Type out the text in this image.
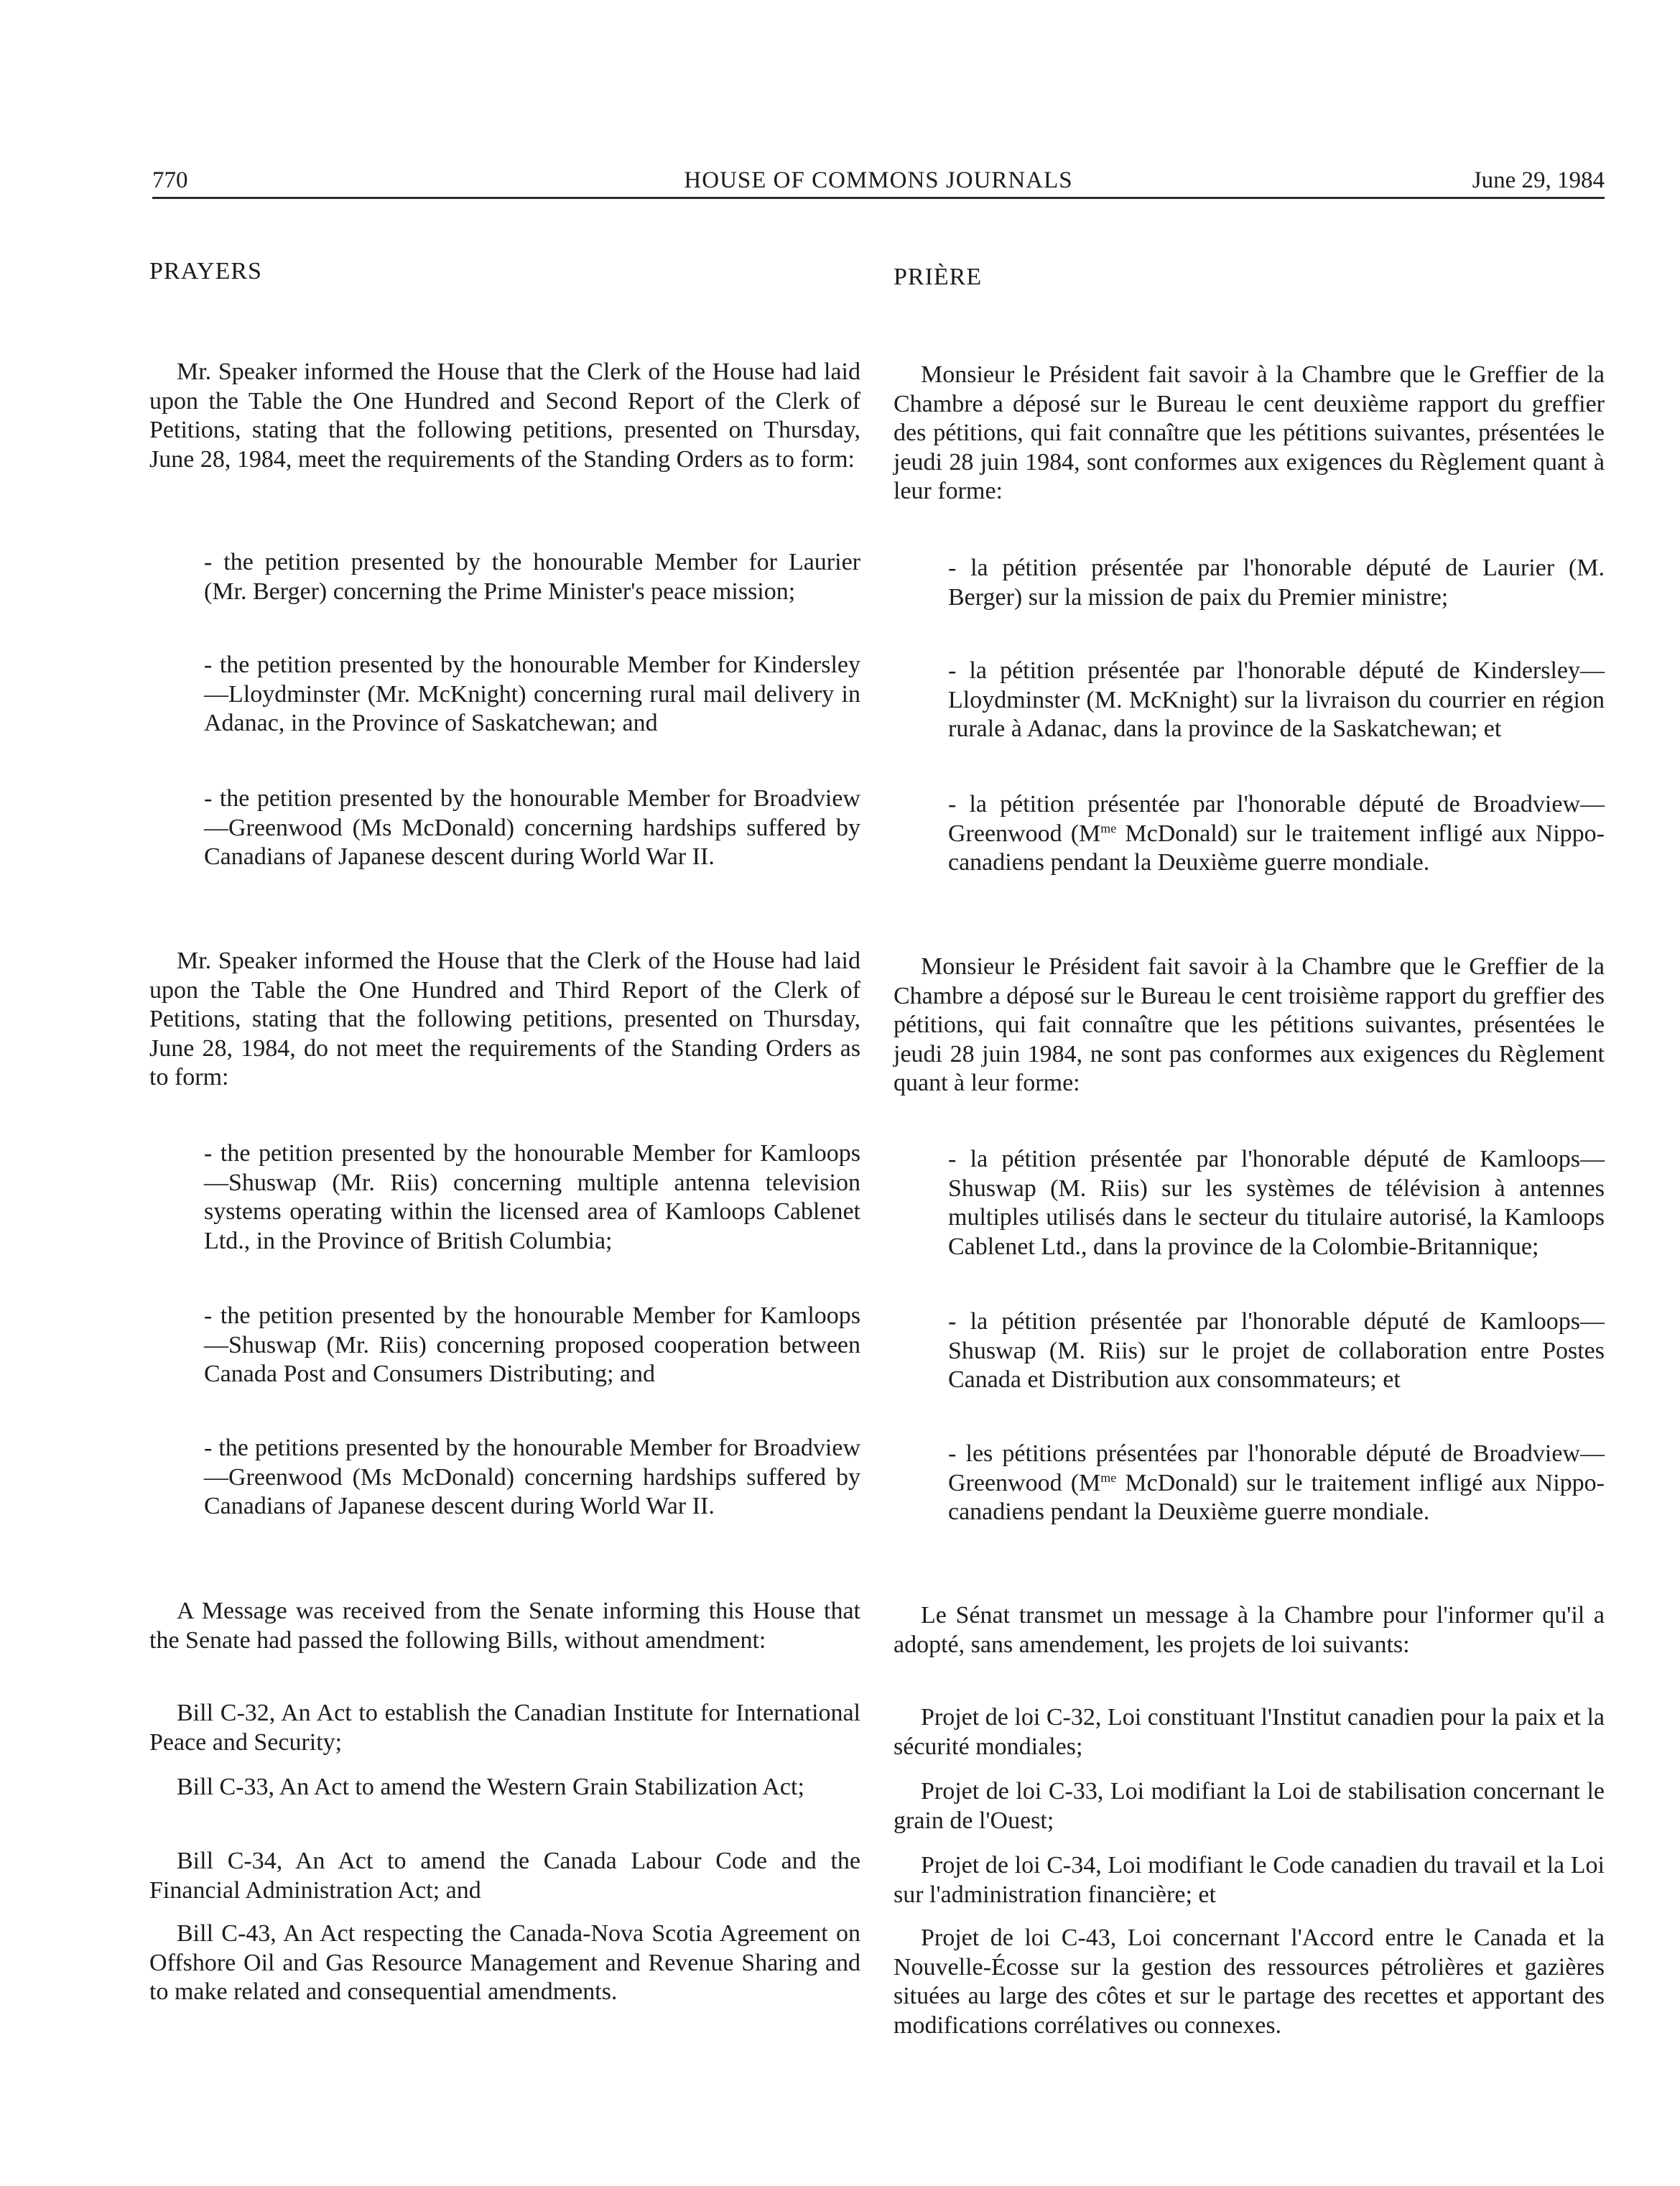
770	HOUSE OF COMMONS JOURNALS	June 29, 1984

PRAYERS

Mr. Speaker informed the House that the Clerk of the House had laid upon the Table the One Hundred and Second Report of the Clerk of Petitions, stating that the following petitions, presented on Thursday, June 28, 1984, meet the requirements of the Standing Orders as to form:

- the petition presented by the honourable Member for Laurier (Mr. Berger) concerning the Prime Minister's peace mission;

- the petition presented by the honourable Member for Kindersley—Lloydminster (Mr. McKnight) concerning rural mail delivery in Adanac, in the Province of Saskatchewan; and

- the petition presented by the honourable Member for Broadview—Greenwood (Ms McDonald) concerning hardships suffered by Canadians of Japanese descent during World War II.

Mr. Speaker informed the House that the Clerk of the House had laid upon the Table the One Hundred and Third Report of the Clerk of Petitions, stating that the following petitions, presented on Thursday, June 28, 1984, do not meet the requirements of the Standing Orders as to form:

- the petition presented by the honourable Member for Kamloops—Shuswap (Mr. Riis) concerning multiple antenna television systems operating within the licensed area of Kamloops Cablenet Ltd., in the Province of British Columbia;

- the petition presented by the honourable Member for Kamloops—Shuswap (Mr. Riis) concerning proposed cooperation between Canada Post and Consumers Distributing; and

- the petitions presented by the honourable Member for Broadview—Greenwood (Ms McDonald) concerning hardships suffered by Canadians of Japanese descent during World War II.

A Message was received from the Senate informing this House that the Senate had passed the following Bills, without amendment:

Bill C-32, An Act to establish the Canadian Institute for International Peace and Security;

Bill C-33, An Act to amend the Western Grain Stabilization Act;

Bill C-34, An Act to amend the Canada Labour Code and the Financial Administration Act; and

Bill C-43, An Act respecting the Canada-Nova Scotia Agreement on Offshore Oil and Gas Resource Management and Revenue Sharing and to make related and consequential amendments.

PRIÈRE

Monsieur le Président fait savoir à la Chambre que le Greffier de la Chambre a déposé sur le Bureau le cent deuxième rapport du greffier des pétitions, qui fait connaître que les pétitions suivantes, présentées le jeudi 28 juin 1984, sont conformes aux exigences du Règlement quant à leur forme:

- la pétition présentée par l'honorable député de Laurier (M. Berger) sur la mission de paix du Premier ministre;

- la pétition présentée par l'honorable député de Kindersley—Lloydminster (M. McKnight) sur la livraison du courrier en région rurale à Adanac, dans la province de la Saskatchewan; et

- la pétition présentée par l'honorable député de Broadview—Greenwood ($M^{me}$ McDonald) sur le traitement infligé aux Nippo-canadiens pendant la Deuxième guerre mondiale.

Monsieur le Président fait savoir à la Chambre que le Greffier de la Chambre a déposé sur le Bureau le cent troisième rapport du greffier des pétitions, qui fait connaître que les pétitions suivantes, présentées le jeudi 28 juin 1984, ne sont pas conformes aux exigences du Règlement quant à leur forme:

- la pétition présentée par l'honorable député de Kamloops—Shuswap (M. Riis) sur les systèmes de télévision à antennes multiples utilisés dans le secteur du titulaire autorisé, la Kamloops Cablenet Ltd., dans la province de la Colombie-Britannique;

- la pétition présentée par l'honorable député de Kamloops—Shuswap (M. Riis) sur le projet de collaboration entre Postes Canada et Distribution aux consommateurs; et

- les pétitions présentées par l'honorable député de Broadview—Greenwood ($M^{me}$ McDonald) sur le traitement infligé aux Nippo-canadiens pendant la Deuxième guerre mondiale.

Le Sénat transmet un message à la Chambre pour l'informer qu'il a adopté, sans amendement, les projets de loi suivants:

Projet de loi C-32, Loi constituant l'Institut canadien pour la paix et la sécurité mondiales;

Projet de loi C-33, Loi modifiant la Loi de stabilisation concernant le grain de l'Ouest;

Projet de loi C-34, Loi modifiant le Code canadien du travail et la Loi sur l'administration financière; et

Projet de loi C-43, Loi concernant l'Accord entre le Canada et la Nouvelle-Écosse sur la gestion des ressources pétrolières et gazières situées au large des côtes et sur le partage des recettes et apportant des modifications corrélatives ou connexes.
